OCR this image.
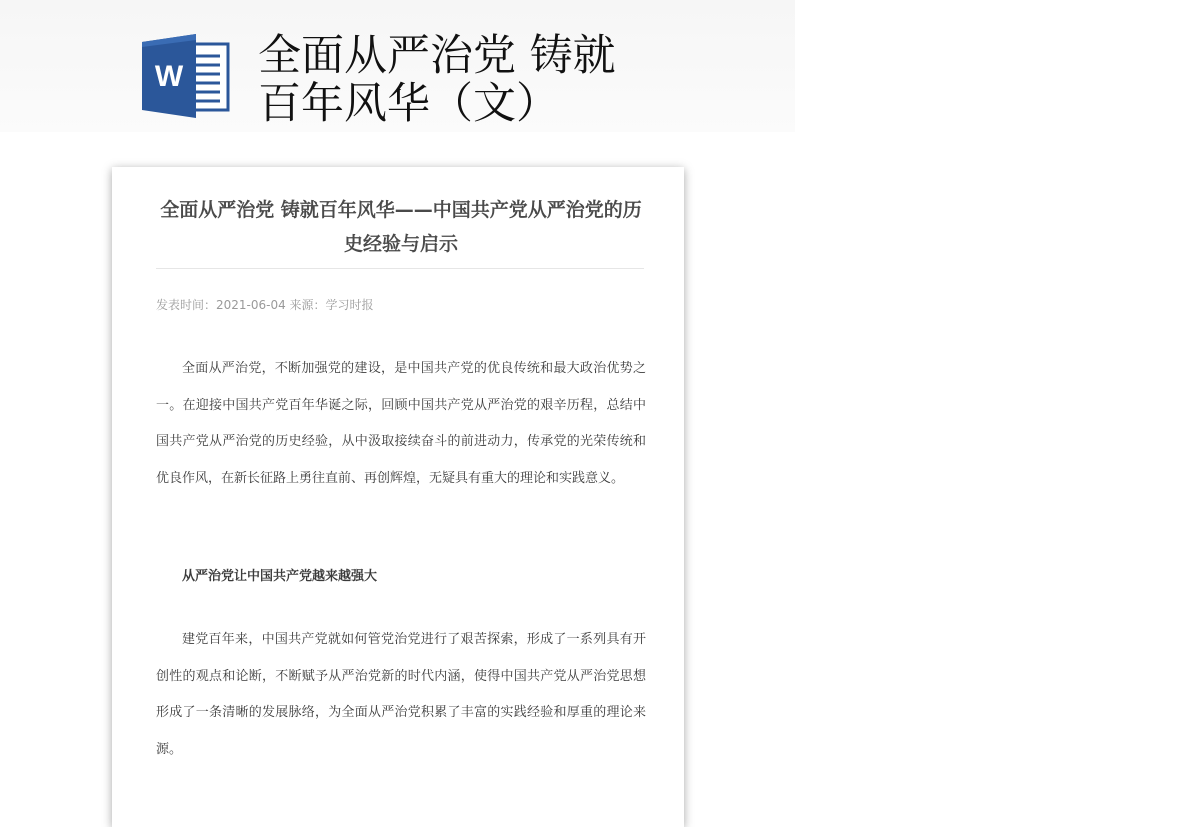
W 全面从严治党 铸就
百年风华（文）
全面从严治党 铸就百年风华——中国共产党从严治党的历史经验与启示
发表时间：2021-06-04 来源：学习时报

全面从严治党，不断加强党的建设，是中国共产党的优良传统和最大政治优势之一。在迎接中国共产党百年华诞之际，回顾中国共产党从严治党的艰辛历程，总结中国共产党从严治党的历史经验，从中汲取接续奋斗的前进动力，传承党的光荣传统和优良作风，在新长征路上勇往直前、再创辉煌，无疑具有重大的理论和实践意义。

从严治党让中国共产党越来越强大

建党百年来，中国共产党就如何管党治党进行了艰苦探索，形成了一系列具有开创性的观点和论断，不断赋予从严治党新的时代内涵，使得中国共产党从严治党思想形成了一条清晰的发展脉络，为全面从严治党积累了丰富的实践经验和厚重的理论来源。
